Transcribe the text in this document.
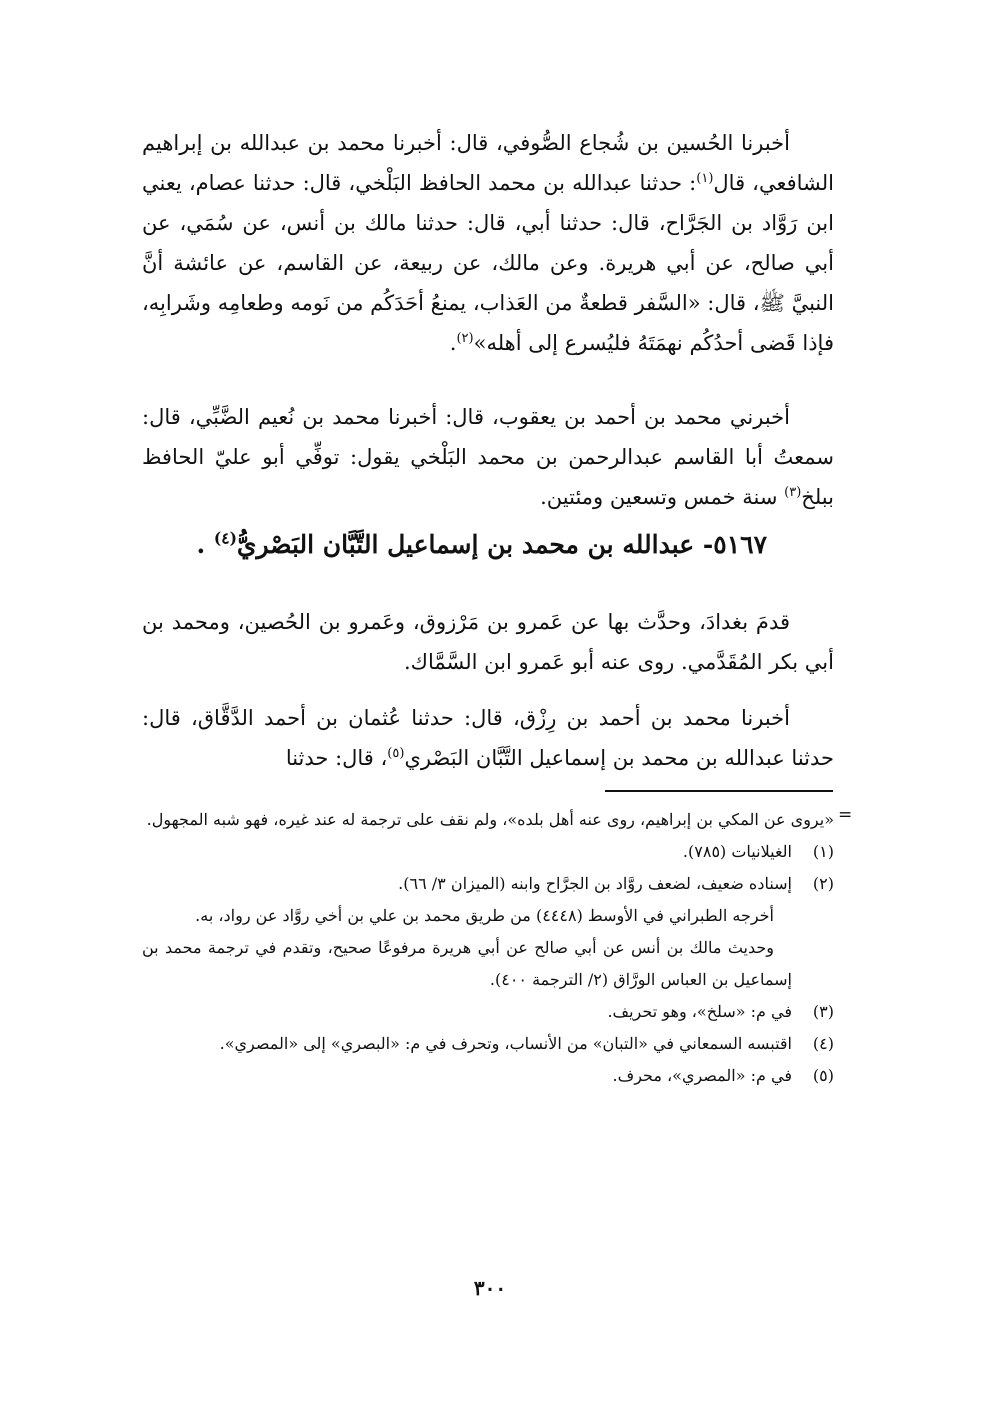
أخبرنا الحُسين بن شُجاع الصُّوفي، قال: أخبرنا محمد بن عبدالله بن إبراهيم الشافعي، قال$^{(١)}$: حدثنا عبدالله بن محمد الحافظ البَلْخي، قال: حدثنا عصام، يعني ابن رَوَّاد بن الجَرَّاح، قال: حدثنا أبي، قال: حدثنا مالك بن أنس، عن سُمَي، عن أبي صالح، عن أبي هريرة. وعن مالك، عن ربيعة، عن القاسم، عن عائشة أنَّ النبيَّ ﷺ، قال: «السَّفر قطعةٌ من العَذاب، يمنعُ أحَدَكُم من نَومه وطعامِه وشَرابِه، فإذا قَضى أحدُكُم نهمَتَهُ فليُسرع إلى أهله»$^{(٢)}$.

أخبرني محمد بن أحمد بن يعقوب، قال: أخبرنا محمد بن نُعيم الضَّبِّي، قال: سمعتُ أبا القاسم عبدالرحمن بن محمد البَلْخي يقول: توفِّي أبو عليّ الحافظ ببلخ$^{(٣)}$ سنة خمس وتسعين ومئتين.

٥١٦٧- عبدالله بن محمد بن إسماعيل التَّبَّان البَصْريُّ$^{(٤)}$ .

قدمَ بغدادَ، وحدَّث بها عن عَمرو بن مَرْزوق، وعَمرو بن الحُصين، ومحمد بن أبي بكر المُقَدَّمي. روى عنه أبو عَمرو ابن السَّمَّاك.

أخبرنا محمد بن أحمد بن رِزْق، قال: حدثنا عُثمان بن أحمد الدَّقَّاق، قال: حدثنا عبدالله بن محمد بن إسماعيل التَّبَّان البَصْري$^{(٥)}$، قال: حدثنا

=

«يروى عن المكي بن إبراهيم، روى عنه أهل بلده»، ولم نقف على ترجمة له عند غيره، فهو شبه المجهول.

(١)
الغيلانيات (٧٨٥).
(٢)
إسناده ضعيف، لضعف روَّاد بن الجرَّاح وابنه (الميزان ٣/ ٦٦).

أخرجه الطبراني في الأوسط (٤٤٤٨) من طريق محمد بن علي بن أخي روَّاد عن رواد، به.

وحديث مالك بن أنس عن أبي صالح عن أبي هريرة مرفوعًا صحيح، وتقدم في ترجمة محمد بن إسماعيل بن العباس الورَّاق (٢/ الترجمة ٤٠٠).

(٣)
في م: «سلخ»، وهو تحريف.
(٤)
اقتبسه السمعاني في «التبان» من الأنساب، وتحرف في م: «البصري» إلى «المصري».
(٥)
في م: «المصري»، محرف.
٣٠٠
